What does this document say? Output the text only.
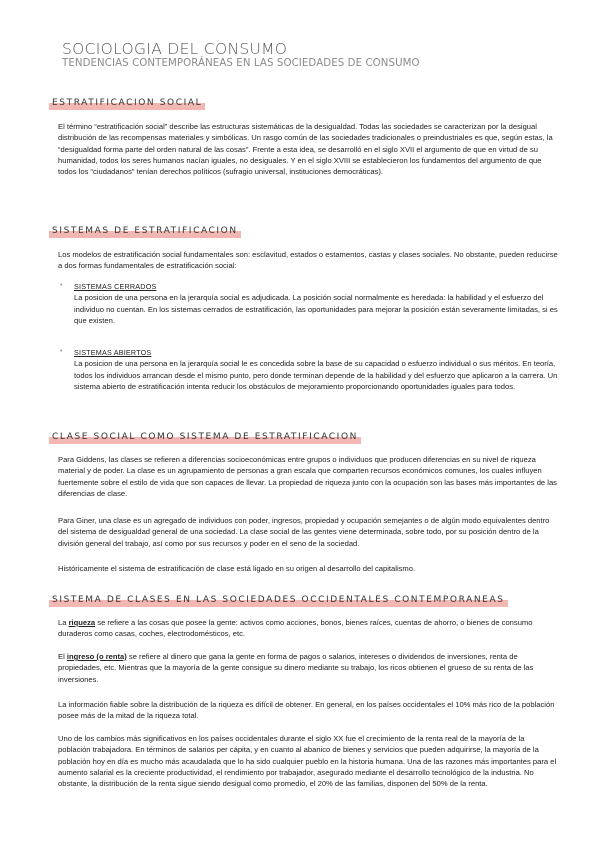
SOCIOLOGIA DEL CONSUMO
TENDENCIAS CONTEMPORÁNEAS EN LAS SOCIEDADES DE CONSUMO
ESTRATIFICACION SOCIAL
El término “estratificación social” describe las estructuras sistemáticas de la desigualdad. Todas las sociedades se caracterizan por la desigual distribución de las recompensas materiales y simbólicas. Un rasgo común de las sociedades tradicionales o preindustriales es que, según estas, la “desigualdad forma parte del orden natural de las cosas”. Frente a esta idea, se desarrolló en el siglo XVII el argumento de que en virtud de su humanidad, todos los seres humanos nacían iguales, no desiguales. Y en el siglo XVIII se establecieron los fundamentos del argumento de que todos los “ciudadanos” tenían derechos políticos (sufragio universal, instituciones democráticas).
SISTEMAS DE ESTRATIFICACION
Los modelos de estratificación social fundamentales son: esclavitud, estados o estamentos, castas y clases sociales. No obstante, pueden reducirse a dos formas fundamentales de estratificación social:
• SISTEMAS CERRADOS
La posicion de una persona en la jerarquía social es adjudicada. La posición social normalmente es heredada: la habilidad y el esfuerzo del individuo no cuentan. En los sistemas cerrados de estratificación, las oportunidades para mejorar la posición están severamente limitadas, si es que existen.
• SISTEMAS ABIERTOS
La posicion de una persona en la jerarquía social le es concedida sobre la base de su capacidad o esfuerzo individual o sus méritos. En teoría, todos los individuos arrancan desde el mismo punto, pero donde terminan depende de la habilidad y del esfuerzo que aplicaron a la carrera. Un sistema abierto de estratificación intenta reducir los obstáculos de mejoramiento proporcionando oportunidades iguales para todos.
CLASE SOCIAL COMO SISTEMA DE ESTRATIFICACION
Para Giddens, las clases se refieren a diferencias socioeconómicas entre grupos o individuos que producen diferencias en su nivel de riqueza material y de poder. La clase es un agrupamiento de personas a gran escala que comparten recursos económicos comunes, los cuales influyen fuertemente sobre el estilo de vida que son capaces de llevar. La propiedad de riqueza junto con la ocupación son las bases más importantes de las diferencias de clase.
Para Giner, una clase es un agregado de individuos con poder, ingresos, propiedad y ocupación semejantes o de algún modo equivalentes dentro del sistema de desigualdad general de una sociedad. La clase social de las gentes viene determinada, sobre todo, por su posición dentro de la división general del trabajo, así como por sus recursos y poder en el seno de la sociedad.
Históricamente el sistema de estratificación de clase está ligado en su origen al desarrollo del capitalismo.
SISTEMA DE CLASES EN LAS SOCIEDADES OCCIDENTALES CONTEMPORANEAS
La riqueza se refiere a las cosas que posee la gente: activos como acciones, bonos, bienes raíces, cuentas de ahorro, o bienes de consumo duraderos como casas, coches, electrodomésticos, etc.
El ingreso (o renta) se refiere al dinero que gana la gente en forma de pagos o salarios, intereses o dividendos de inversiones, renta de propiedades, etc. Mientras que la mayoría de la gente consigue su dinero mediante su trabajo, los ricos obtienen el grueso de su renta de las inversiones.
La información fiable sobre la distribución de la riqueza es difícil de obtener. En general, en los países occidentales el 10% más rico de la población posee más de la mitad de la riqueza total.
Uno de los cambios más significativos en los países occidentales durante el siglo XX fue el crecimiento de la renta real de la mayoría de la población trabajadora. En términos de salarios per cápita, y en cuanto al abanico de bienes y servicios que pueden adquirirse, la mayoría de la población hoy en día es mucho más acaudalada que lo ha sido cualquier pueblo en la historia humana. Una de las razones más importantes para el aumento salarial es la creciente productividad, el rendimiento por trabajador, asegurado mediante el desarrollo tecnológico de la industria. No obstante, la distribución de la renta sigue siendo desigual como promedio, el 20% de las familias, disponen del 50% de la renta.
